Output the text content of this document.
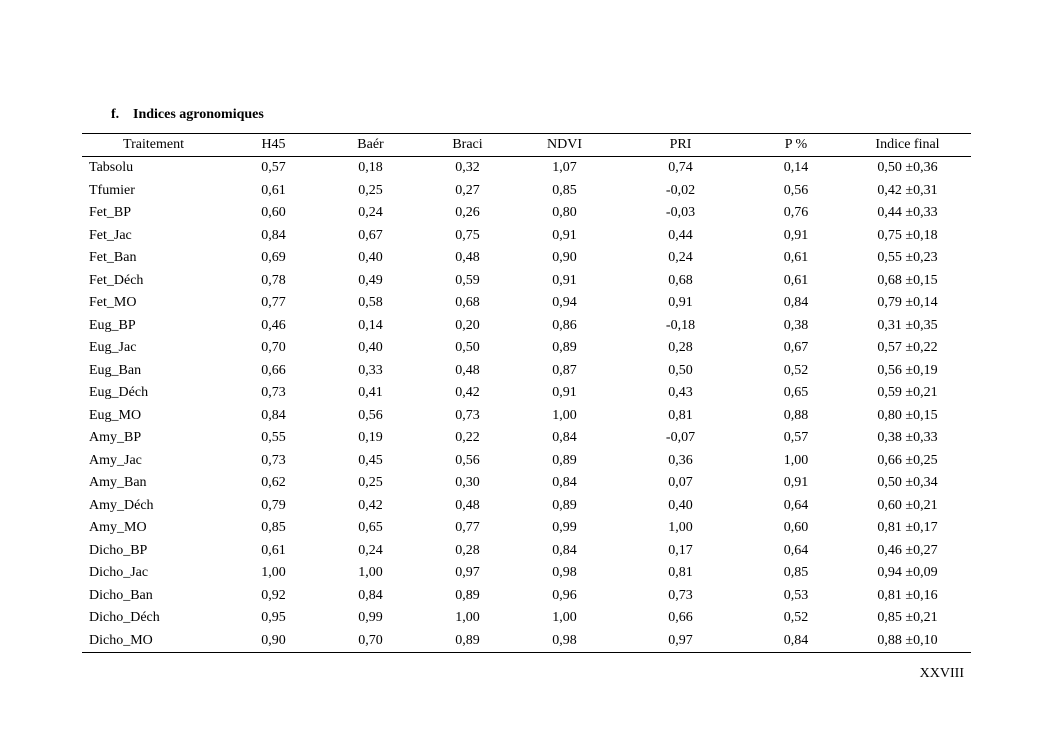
f. Indices agronomiques
Traitement	H45	Baér	Braci	NDVI	PRI	P %	Indice final
Tabsolu	0,57	0,18	0,32	1,07	0,74	0,14	0,50 ±0,36
Tfumier	0,61	0,25	0,27	0,85	-0,02	0,56	0,42 ±0,31
Fet_BP	0,60	0,24	0,26	0,80	-0,03	0,76	0,44 ±0,33
Fet_Jac	0,84	0,67	0,75	0,91	0,44	0,91	0,75 ±0,18
Fet_Ban	0,69	0,40	0,48	0,90	0,24	0,61	0,55 ±0,23
Fet_Déch	0,78	0,49	0,59	0,91	0,68	0,61	0,68 ±0,15
Fet_MO	0,77	0,58	0,68	0,94	0,91	0,84	0,79 ±0,14
Eug_BP	0,46	0,14	0,20	0,86	-0,18	0,38	0,31 ±0,35
Eug_Jac	0,70	0,40	0,50	0,89	0,28	0,67	0,57 ±0,22
Eug_Ban	0,66	0,33	0,48	0,87	0,50	0,52	0,56 ±0,19
Eug_Déch	0,73	0,41	0,42	0,91	0,43	0,65	0,59 ±0,21
Eug_MO	0,84	0,56	0,73	1,00	0,81	0,88	0,80 ±0,15
Amy_BP	0,55	0,19	0,22	0,84	-0,07	0,57	0,38 ±0,33
Amy_Jac	0,73	0,45	0,56	0,89	0,36	1,00	0,66 ±0,25
Amy_Ban	0,62	0,25	0,30	0,84	0,07	0,91	0,50 ±0,34
Amy_Déch	0,79	0,42	0,48	0,89	0,40	0,64	0,60 ±0,21
Amy_MO	0,85	0,65	0,77	0,99	1,00	0,60	0,81 ±0,17
Dicho_BP	0,61	0,24	0,28	0,84	0,17	0,64	0,46 ±0,27
Dicho_Jac	1,00	1,00	0,97	0,98	0,81	0,85	0,94 ±0,09
Dicho_Ban	0,92	0,84	0,89	0,96	0,73	0,53	0,81 ±0,16
Dicho_Déch	0,95	0,99	1,00	1,00	0,66	0,52	0,85 ±0,21
Dicho_MO	0,90	0,70	0,89	0,98	0,97	0,84	0,88 ±0,10
XXVIII
